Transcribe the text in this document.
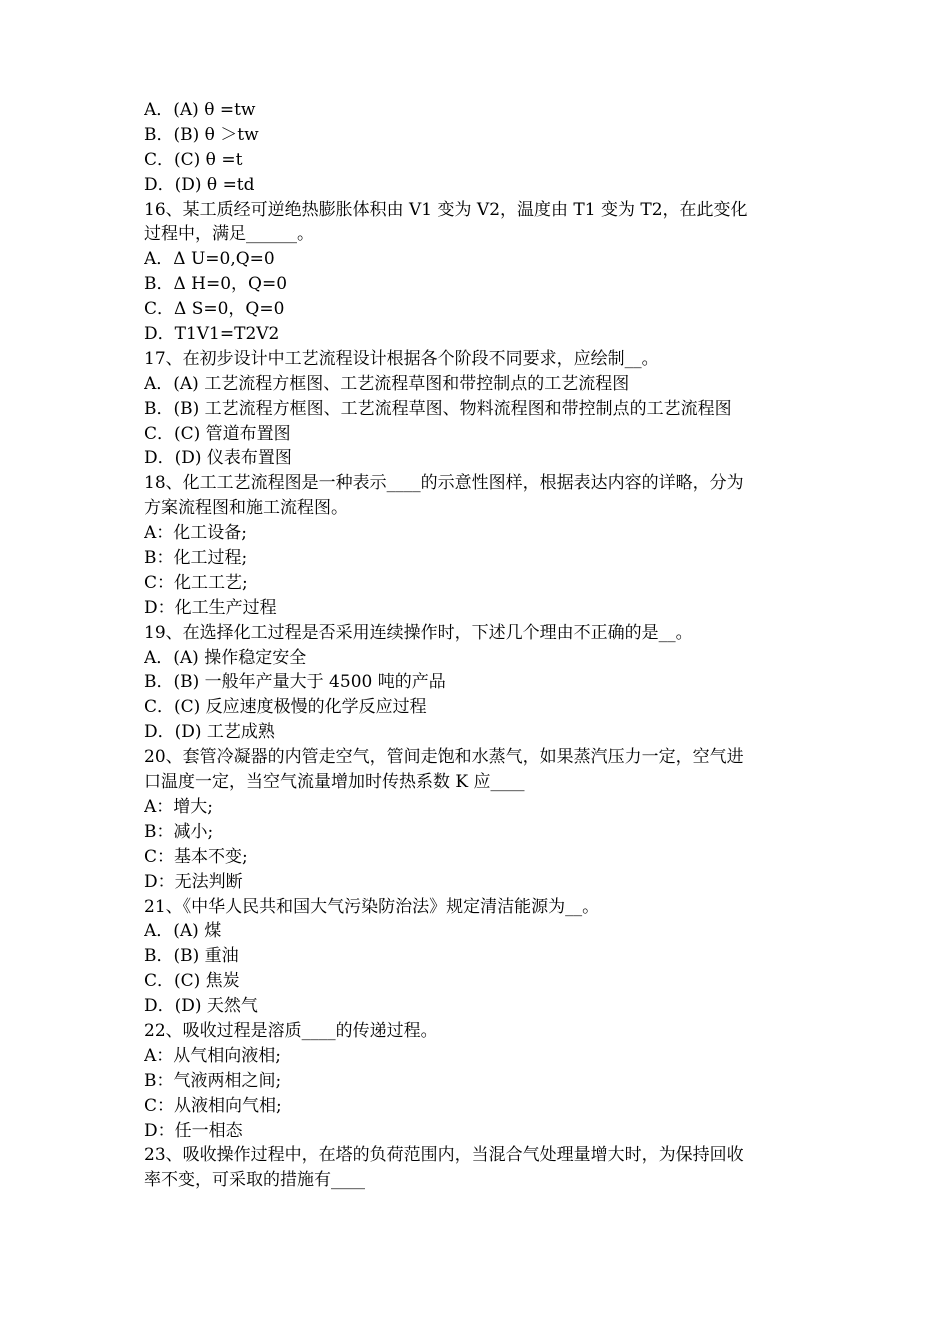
A．(A) θ =tw
B．(B) θ ＞tw
C．(C) θ =t
D．(D) θ =td
16、某工质经可逆绝热膨胀体积由 V1 变为 V2，温度由 T1 变为 T2，在此变化
过程中，满足______。
A．Δ U=0,Q=0
B．Δ H=0，Q=0
C．Δ S=0，Q=0
D．T1V1=T2V2
17、在初步设计中工艺流程设计根据各个阶段不同要求，应绘制__。
A．(A) 工艺流程方框图、工艺流程草图和带控制点的工艺流程图
B．(B) 工艺流程方框图、工艺流程草图、物料流程图和带控制点的工艺流程图
C．(C) 管道布置图
D．(D) 仪表布置图
18、化工工艺流程图是一种表示____的示意性图样，根据表达内容的详略，分为
方案流程图和施工流程图。
A：化工设备;
B：化工过程;
C：化工工艺;
D：化工生产过程
19、在选择化工过程是否采用连续操作时，下述几个理由不正确的是__。
A．(A) 操作稳定安全
B．(B) 一般年产量大于 4500 吨的产品
C．(C) 反应速度极慢的化学反应过程
D．(D) 工艺成熟
20、套管冷凝器的内管走空气，管间走饱和水蒸气，如果蒸汽压力一定，空气进
口温度一定，当空气流量增加时传热系数 K 应____
A：增大;
B：减小;
C：基本不变;
D：无法判断
21、《中华人民共和国大气污染防治法》规定清洁能源为__。
A．(A) 煤
B．(B) 重油
C．(C) 焦炭
D．(D) 天然气
22、吸收过程是溶质____的传递过程。
A：从气相向液相;
B：气液两相之间;
C：从液相向气相;
D：任一相态
23、吸收操作过程中，在塔的负荷范围内，当混合气处理量增大时，为保持回收
率不变，可采取的措施有____
